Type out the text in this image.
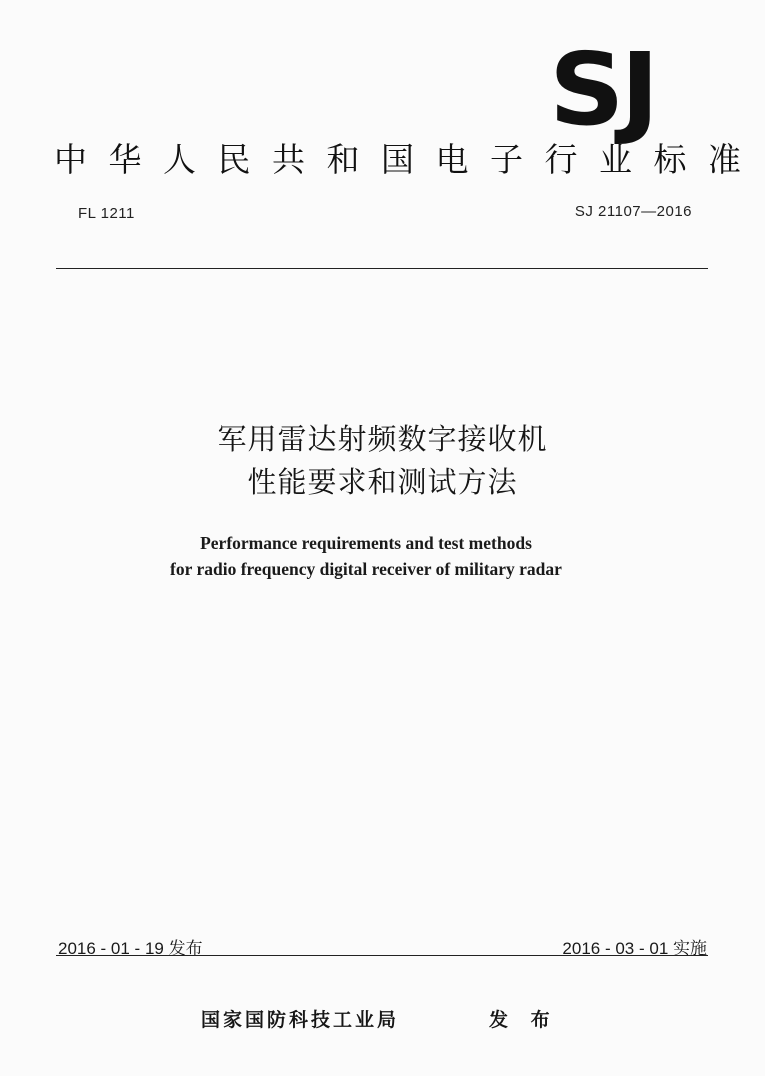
SJ
中华人民共和国电子行业标准
FL 1211	SJ 21107—2016
军用雷达射频数字接收机
性能要求和测试方法
Performance requirements and test methods
for radio frequency digital receiver of military radar
2016 - 01 - 19 发布	2016 - 03 - 01 实施
国家国防科技工业局	发 布
